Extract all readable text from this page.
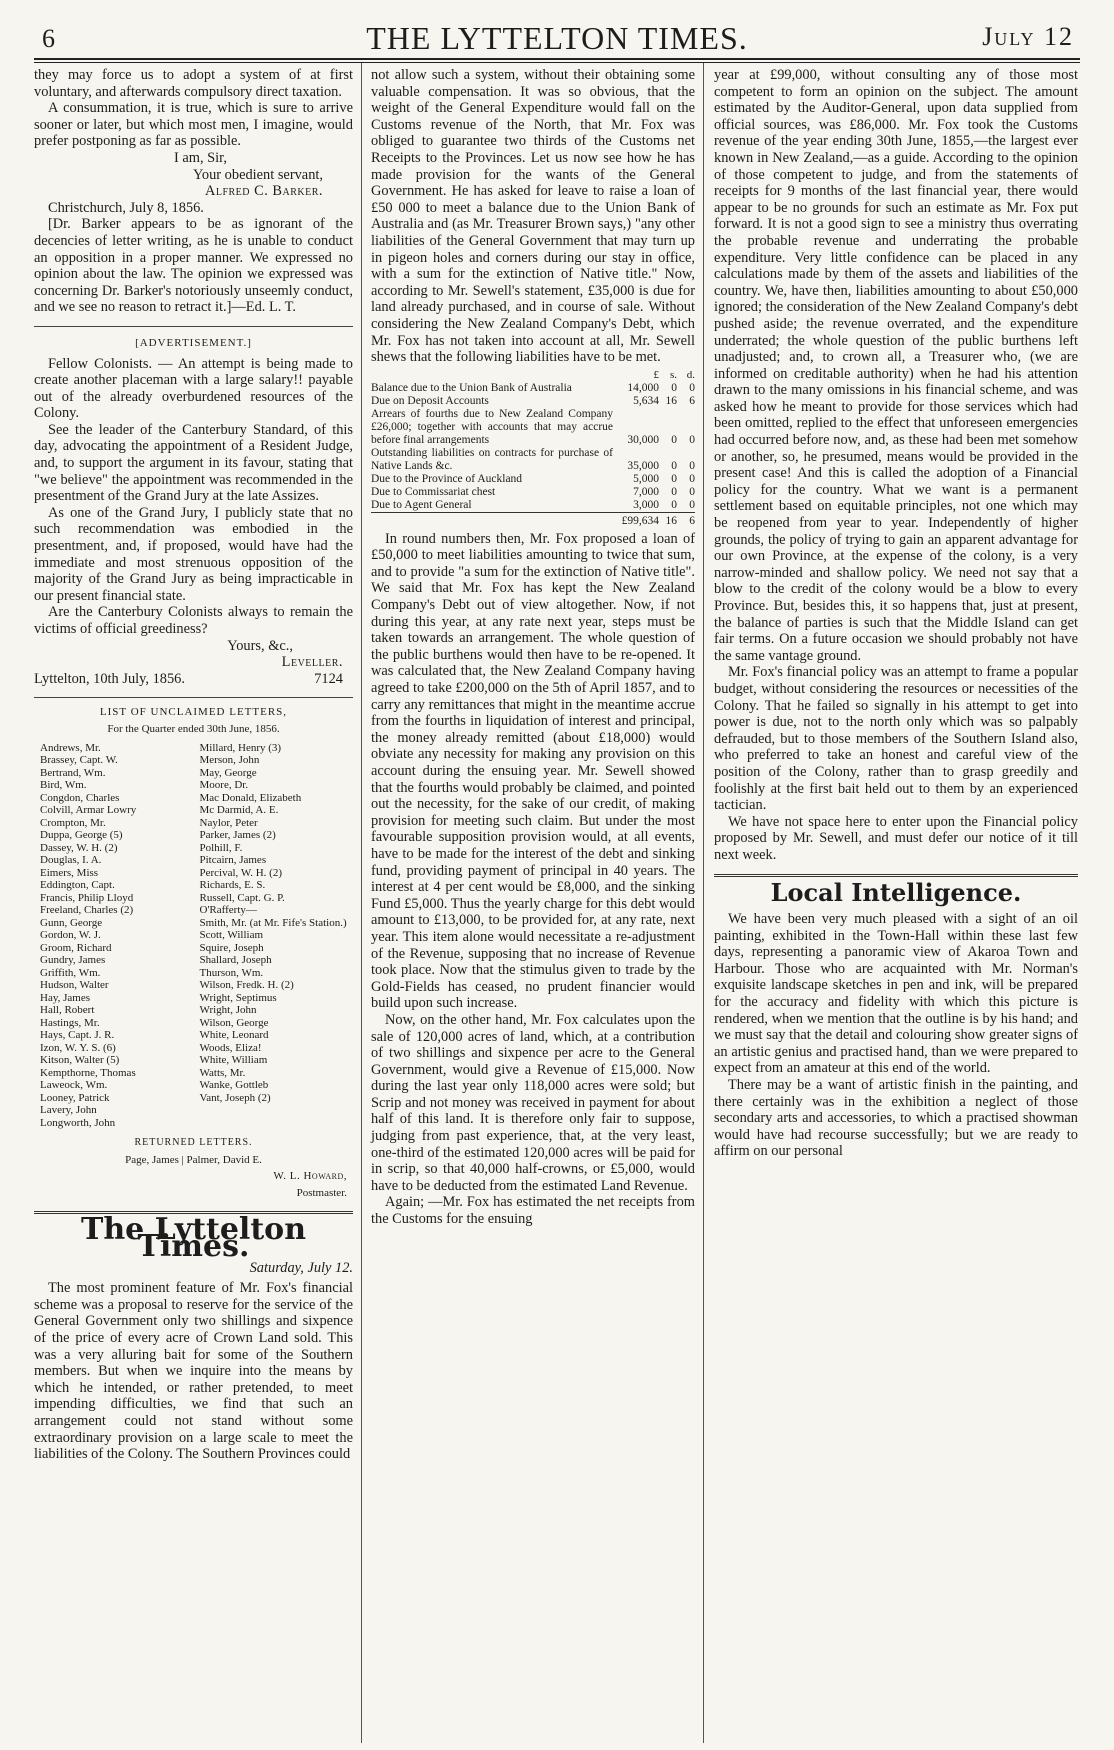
6	THE LYTTELTON TIMES.	July 12

they may force us to adopt a system of at first voluntary, and afterwards compulsory direct taxation.

A consummation, it is true, which is sure to arrive sooner or later, but which most men, I imagine, would prefer postponing as far as possible.

I am, Sir,

Your obedient servant,

Alfred C. Barker.

Christchurch, July 8, 1856.

[Dr. Barker appears to be as ignorant of the decencies of letter writing, as he is unable to conduct an opposition in a proper manner. We expressed no opinion about the law. The opinion we expressed was concerning Dr. Barker's notoriously unseemly conduct, and we see no reason to retract it.]—Ed. L. T.

[ADVERTISEMENT.]

Fellow Colonists. — An attempt is being made to create another placeman with a large salary!! payable out of the already overburdened resources of the Colony.

See the leader of the Canterbury Standard, of this day, advocating the appointment of a Resident Judge, and, to support the argument in its favour, stating that "we believe" the appointment was recommended in the presentment of the Grand Jury at the late Assizes.

As one of the Grand Jury, I publicly state that no such recommendation was embodied in the presentment, and, if proposed, would have had the immediate and most strenuous opposition of the majority of the Grand Jury as being impracticable in our present financial state.

Are the Canterbury Colonists always to remain the victims of official greediness?

Yours, &c.,

Leveller.

Lyttelton, 10th July, 1856.	7124

LIST OF UNCLAIMED LETTERS,
For the Quarter ended 30th June, 1856.
Andrews, Mr.
Brassey, Capt. W.
Bertrand, Wm.
Bird, Wm.
Congdon, Charles
Colvill, Armar Lowry
Crompton, Mr.
Duppa, George (5)
Dassey, W. H. (2)
Douglas, I. A.
Eimers, Miss
Eddington, Capt.
Francis, Philip Lloyd
Freeland, Charles (2)
Gunn, George
Gordon, W. J.
Groom, Richard
Gundry, James
Griffith, Wm.
Hudson, Walter
Hay, James
Hall, Robert
Hastings, Mr.
Hays, Capt. J. R.
Izon, W. Y. S. (6)
Kitson, Walter (5)
Kempthorne, Thomas
Laweock, Wm.
Looney, Patrick
Lavery, John
Longworth, John
Millard, Henry (3)
Merson, John
May, George
Moore, Dr.
Mac Donald, Elizabeth
Mc Darmid, A. E.
Naylor, Peter
Parker, James (2)
Polhill, F.
Pitcairn, James
Percival, W. H. (2)
Richards, E. S.
Russell, Capt. G. P.
O'Rafferty—
Smith, Mr. (at Mr. Fife's Station.)
Scott, William
Squire, Joseph
Shallard, Joseph
Thurson, Wm.
Wilson, Fredk. H. (2)
Wright, Septimus
Wright, John
Wilson, George
White, Leonard
Woods, Eliza!
White, William
Watts, Mr.
Wanke, Gottleb
Vant, Joseph (2)
RETURNED LETTERS.
Page, James | Palmer, David E.
W. L. Howard,
Postmaster.
The Lyttelton Times.
Saturday, July 12.

The most prominent feature of Mr. Fox's financial scheme was a proposal to reserve for the service of the General Government only two shillings and sixpence of the price of every acre of Crown Land sold. This was a very alluring bait for some of the Southern members. But when we inquire into the means by which he intended, or rather pretended, to meet impending difficulties, we find that such an arrangement could not stand without some extraordinary provision on a large scale to meet the liabilities of the Colony. The Southern Provinces could

not allow such a system, without their obtaining some valuable compensation. It was so obvious, that the weight of the General Expenditure would fall on the Customs revenue of the North, that Mr. Fox was obliged to guarantee two thirds of the Customs net Receipts to the Provinces. Let us now see how he has made provision for the wants of the General Government. He has asked for leave to raise a loan of £50 000 to meet a balance due to the Union Bank of Australia and (as Mr. Treasurer Brown says,) "any other liabilities of the General Government that may turn up in pigeon holes and corners during our stay in office, with a sum for the extinction of Native title." Now, according to Mr. Sewell's statement, £35,000 is due for land already purchased, and in course of sale. Without considering the New Zealand Company's Debt, which Mr. Fox has not taken into account at all, Mr. Sewell shews that the following liabilities have to be met.

	£	s.	d.
Balance due to the Union Bank of Australia	14,000	0	0
Due on Deposit Accounts	5,634	16	6
Arrears of fourths due to New Zealand Company £26,000; together with accounts that may accrue before final arrangements	30,000	0	0
Outstanding liabilities on contracts for purchase of Native Lands &c.	35,000	0	0
Due to the Province of Auckland	5,000	0	0
Due to Commissariat chest	7,000	0	0
Due to Agent General	3,000	0	0
	£99,634	16	6

In round numbers then, Mr. Fox proposed a loan of £50,000 to meet liabilities amounting to twice that sum, and to provide "a sum for the extinction of Native title". We said that Mr. Fox has kept the New Zealand Company's Debt out of view altogether. Now, if not during this year, at any rate next year, steps must be taken towards an arrangement. The whole question of the public burthens would then have to be re-opened. It was calculated that, the New Zealand Company having agreed to take £200,000 on the 5th of April 1857, and to carry any remittances that might in the meantime accrue from the fourths in liquidation of interest and principal, the money already remitted (about £18,000) would obviate any necessity for making any provision on this account during the ensuing year. Mr. Sewell showed that the fourths would probably be claimed, and pointed out the necessity, for the sake of our credit, of making provision for meeting such claim. But under the most favourable supposition provision would, at all events, have to be made for the interest of the debt and sinking fund, providing payment of principal in 40 years. The interest at 4 per cent would be £8,000, and the sinking Fund £5,000. Thus the yearly charge for this debt would amount to £13,000, to be provided for, at any rate, next year. This item alone would necessitate a re-adjustment of the Revenue, supposing that no increase of Revenue took place. Now that the stimulus given to trade by the Gold-Fields has ceased, no prudent financier would build upon such increase.

Now, on the other hand, Mr. Fox calculates upon the sale of 120,000 acres of land, which, at a contribution of two shillings and sixpence per acre to the General Government, would give a Revenue of £15,000. Now during the last year only 118,000 acres were sold; but Scrip and not money was received in payment for about half of this land. It is therefore only fair to suppose, judging from past experience, that, at the very least, one-third of the estimated 120,000 acres will be paid for in scrip, so that 40,000 half-crowns, or £5,000, would have to be deducted from the estimated Land Revenue.

Again; —Mr. Fox has estimated the net receipts from the Customs for the ensuing

year at £99,000, without consulting any of those most competent to form an opinion on the subject. The amount estimated by the Auditor-General, upon data supplied from official sources, was £86,000. Mr. Fox took the Customs revenue of the year ending 30th June, 1855,—the largest ever known in New Zealand,—as a guide. According to the opinion of those competent to judge, and from the statements of receipts for 9 months of the last financial year, there would appear to be no grounds for such an estimate as Mr. Fox put forward. It is not a good sign to see a ministry thus overrating the probable revenue and underrating the probable expenditure. Very little confidence can be placed in any calculations made by them of the assets and liabilities of the country. We, have then, liabilities amounting to about £50,000 ignored; the consideration of the New Zealand Company's debt pushed aside; the revenue overrated, and the expenditure underrated; the whole question of the public burthens left unadjusted; and, to crown all, a Treasurer who, (we are informed on creditable authority) when he had his attention drawn to the many omissions in his financial scheme, and was asked how he meant to provide for those services which had been omitted, replied to the effect that unforeseen emergencies had occurred before now, and, as these had been met somehow or another, so, he presumed, means would be provided in the present case! And this is called the adoption of a Financial policy for the country. What we want is a permanent settlement based on equitable principles, not one which may be reopened from year to year. Independently of higher grounds, the policy of trying to gain an apparent advantage for our own Province, at the expense of the colony, is a very narrow-minded and shallow policy. We need not say that a blow to the credit of the colony would be a blow to every Province. But, besides this, it so happens that, just at present, the balance of parties is such that the Middle Island can get fair terms. On a future occasion we should probably not have the same vantage ground.

Mr. Fox's financial policy was an attempt to frame a popular budget, without considering the resources or necessities of the Colony. That he failed so signally in his attempt to get into power is due, not to the north only which was so palpably defrauded, but to those members of the Southern Island also, who preferred to take an honest and careful view of the position of the Colony, rather than to grasp greedily and foolishly at the first bait held out to them by an experienced tactician.

We have not space here to enter upon the Financial policy proposed by Mr. Sewell, and must defer our notice of it till next week.

Local Intelligence.

We have been very much pleased with a sight of an oil painting, exhibited in the Town-Hall within these last few days, representing a panoramic view of Akaroa Town and Harbour. Those who are acquainted with Mr. Norman's exquisite landscape sketches in pen and ink, will be prepared for the accuracy and fidelity with which this picture is rendered, when we mention that the outline is by his hand; and we must say that the detail and colouring show greater signs of an artistic genius and practised hand, than we were prepared to expect from an amateur at this end of the world.

There may be a want of artistic finish in the painting, and there certainly was in the exhibition a neglect of those secondary arts and accessories, to which a practised showman would have had recourse successfully; but we are ready to affirm on our personal
